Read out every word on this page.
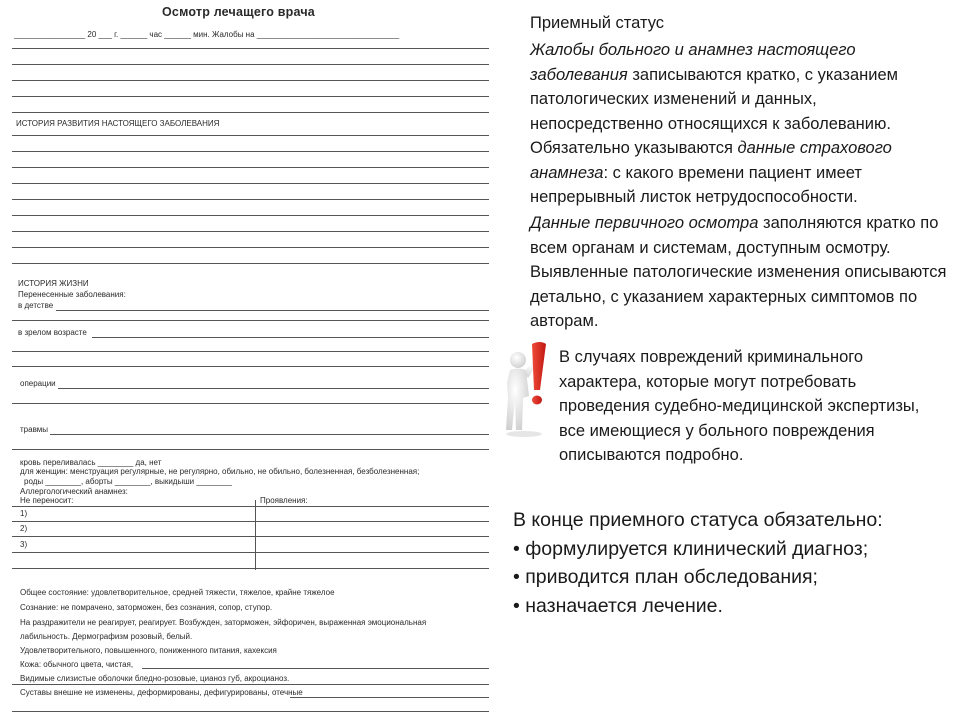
Осмотр лечащего врача
________________ 20 ___ г. ______ час ______ мин. Жалобы на ________________________________
ИСТОРИЯ РАЗВИТИЯ НАСТОЯЩЕГО ЗАБОЛЕВАНИЯ
ИСТОРИЯ ЖИЗНИ
Перенесенные заболевания:
в детстве
в зрелом возрасте
операции
травмы
кровь переливалась ________ да, нет
для женщин: менструация регулярные, не регулярно, обильно, не обильно, болезненная, безболезненная;
роды ________, аборты ________, выкидыши ________
Аллергологический анамнез:
Не переносит:	Проявления:
1)
2)
3)
Общее состояние: удовлетворительное, средней тяжести, тяжелое, крайне тяжелое
Сознание: не помрачено, заторможен, без сознания, сопор, ступор.
На раздражители не реагирует, реагирует. Возбужден, заторможен, эйфоричен, выраженная эмоциональная
лабильность. Дермографизм розовый, белый.
Удовлетворительного, повышенного, пониженного питания, кахексия
Кожа: обычного цвета, чистая,
Видимые слизистые оболочки бледно-розовые, цианоз губ, акроцианоз.
Суставы внешне не изменены, деформированы, дефигурированы, отечные
Приемный статус
Жалобы больного и анамнез настоящего заболевания записываются кратко, с указанием патологических изменений и данных, непосредственно относящихся к заболеванию. Обязательно указываются данные страхового анамнеза: с какого времени пациент имеет непрерывный листок нетрудоспособности.
Данные первичного осмотра заполняются кратко по всем органам и системам, доступным осмотру. Выявленные патологические изменения описываются детально, с указанием характерных симптомов по авторам.
В случаях повреждений криминального характера, которые могут потребовать проведения судебно-медицинской экспертизы, все имеющиеся у больного повреждения описываются подробно.
В конце приемного статуса обязательно:
• формулируется клинический диагноз;
• приводится план обследования;
• назначается лечение.
